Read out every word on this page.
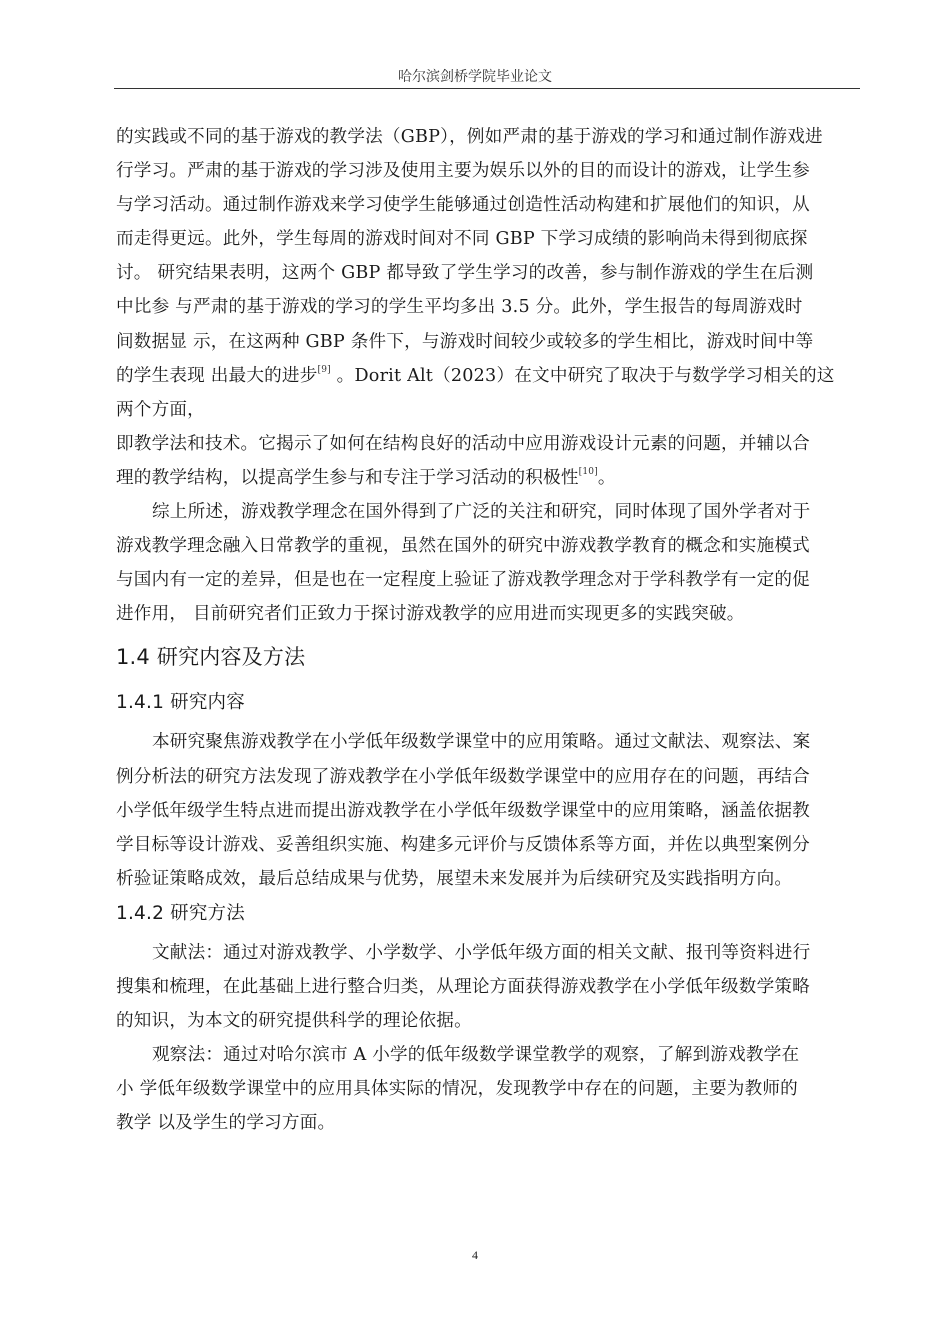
哈尔滨剑桥学院毕业论文

的实践或不同的基于游戏的教学法（GBP），例如严肃的基于游戏的学习和通过制作游戏进
行学习。严肃的基于游戏的学习涉及使用主要为娱乐以外的目的而设计的游戏，让学生参
与学习活动。通过制作游戏来学习使学生能够通过创造性活动构建和扩展他们的知识，从
而走得更远。此外，学生每周的游戏时间对不同 GBP 下学习成绩的影响尚未得到彻底探
讨。 研究结果表明，这两个 GBP 都导致了学生学习的改善，参与制作游戏的学生在后测
中比参 与严肃的基于游戏的学习的学生平均多出 3.5 分。此外，学生报告的每周游戏时
间数据显 示，在这两种 GBP 条件下，与游戏时间较少或较多的学生相比，游戏时间中等
的学生表现 出最大的进步[9] 。Dorit Alt（2023）在文中研究了取决于与数学学习相关的这
两个方面，

即教学法和技术。它揭示了如何在结构良好的活动中应用游戏设计元素的问题，并辅以合
理的教学结构，以提高学生参与和专注于学习活动的积极性[10]。

综上所述，游戏教学理念在国外得到了广泛的关注和研究，同时体现了国外学者对于
游戏教学理念融入日常教学的重视，虽然在国外的研究中游戏教学教育的概念和实施模式
与国内有一定的差异，但是也在一定程度上验证了游戏教学理念对于学科教学有一定的促
进作用， 目前研究者们正致力于探讨游戏教学的应用进而实现更多的实践突破。

1.4 研究内容及方法
1.4.1 研究内容

本研究聚焦游戏教学在小学低年级数学课堂中的应用策略。通过文献法、观察法、案
例分析法的研究方法发现了游戏教学在小学低年级数学课堂中的应用存在的问题，再结合
小学低年级学生特点进而提出游戏教学在小学低年级数学课堂中的应用策略，涵盖依据教
学目标等设计游戏、妥善组织实施、构建多元评价与反馈体系等方面，并佐以典型案例分
析验证策略成效，最后总结成果与优势，展望未来发展并为后续研究及实践指明方向。

1.4.2 研究方法

文献法：通过对游戏教学、小学数学、小学低年级方面的相关文献、报刊等资料进行
搜集和梳理，在此基础上进行整合归类，从理论方面获得游戏教学在小学低年级数学策略
的知识，为本文的研究提供科学的理论依据。

观察法：通过对哈尔滨市 A 小学的低年级数学课堂教学的观察，了解到游戏教学在
小 学低年级数学课堂中的应用具体实际的情况，发现教学中存在的问题，主要为教师的
教学 以及学生的学习方面。

4
